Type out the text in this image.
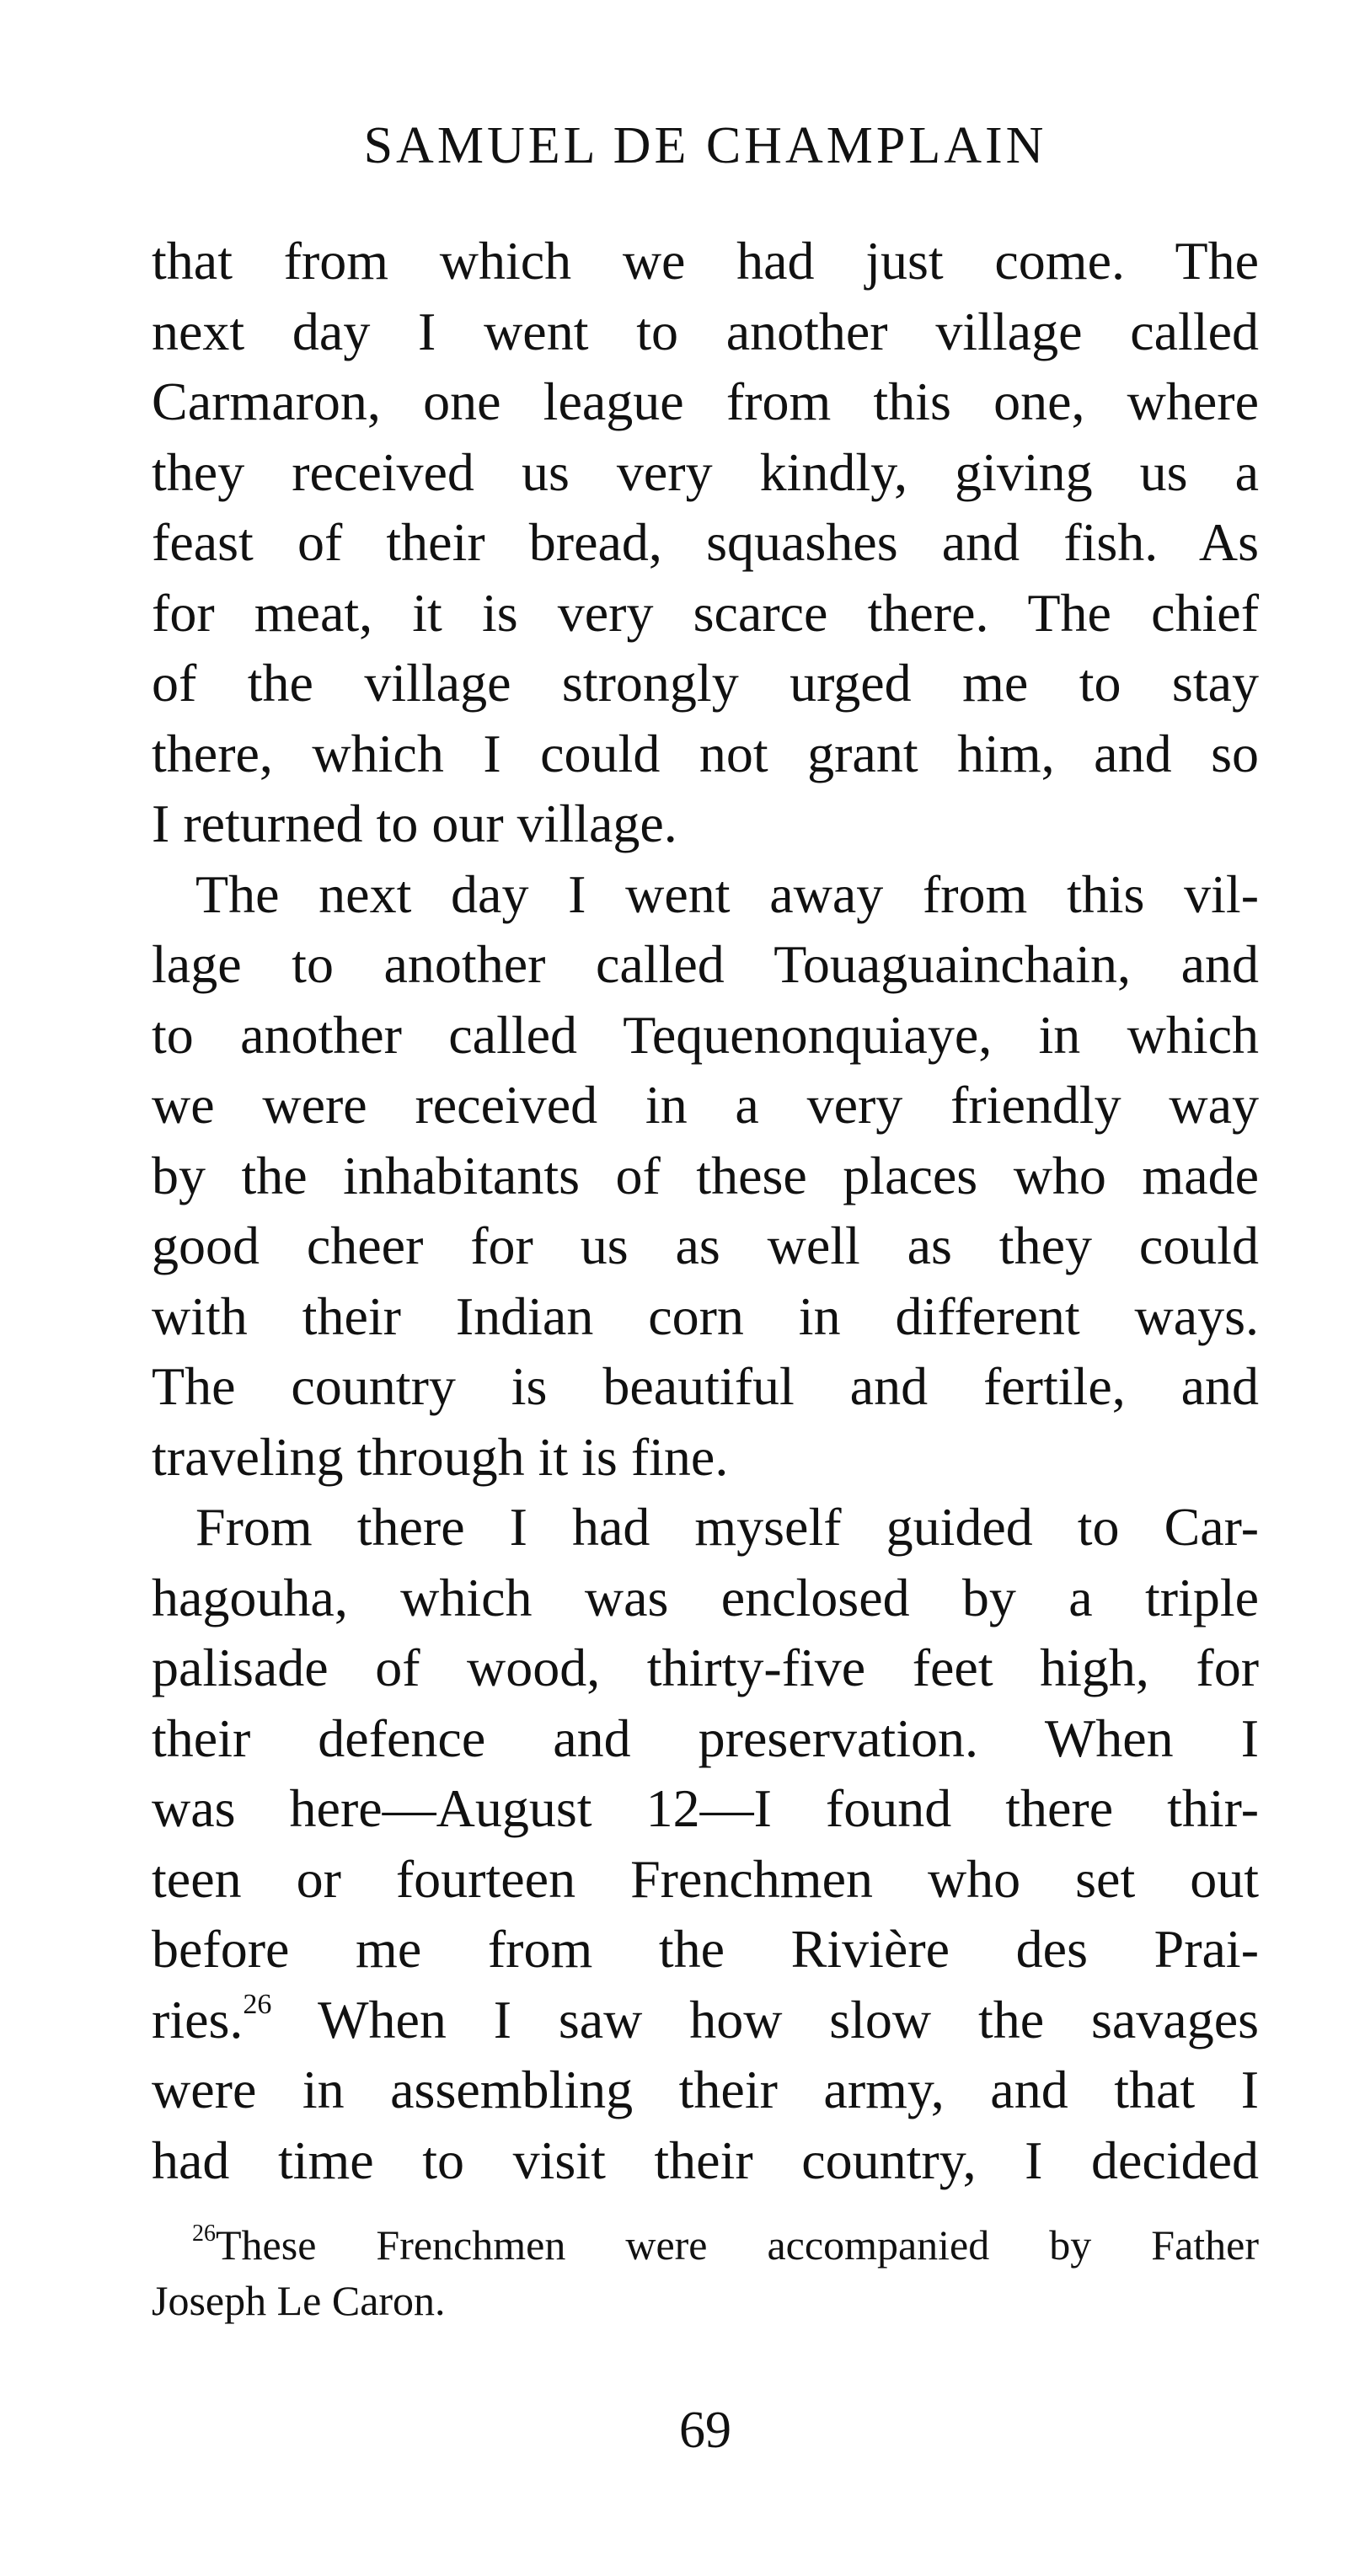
SAMUEL DE CHAMPLAIN

that from which we had just come. The
next day I went to another village called
Carmaron, one league from this one, where
they received us very kindly, giving us a
feast of their bread, squashes and fish. As
for meat, it is very scarce there. The chief
of the village strongly urged me to stay
there, which I could not grant him, and so
I returned to our village.

The next day I went away from this vil-
lage to another called Touaguainchain, and
to another called Tequenonquiaye, in which
we were received in a very friendly way
by the inhabitants of these places who made
good cheer for us as well as they could
with their Indian corn in different ways.
The country is beautiful and fertile, and
traveling through it is fine.

From there I had myself guided to Car-
hagouha, which was enclosed by a triple
palisade of wood, thirty-five feet high, for
their defence and preservation. When I
was here—August 12—I found there thir-
teen or fourteen Frenchmen who set out
before me from the Rivière des Prai-
ries.$^{26}$ When I saw how slow the savages
were in assembling their army, and that I
had time to visit their country, I decided

$^{26}$These Frenchmen were accompanied by Father
Joseph Le Caron.
69
